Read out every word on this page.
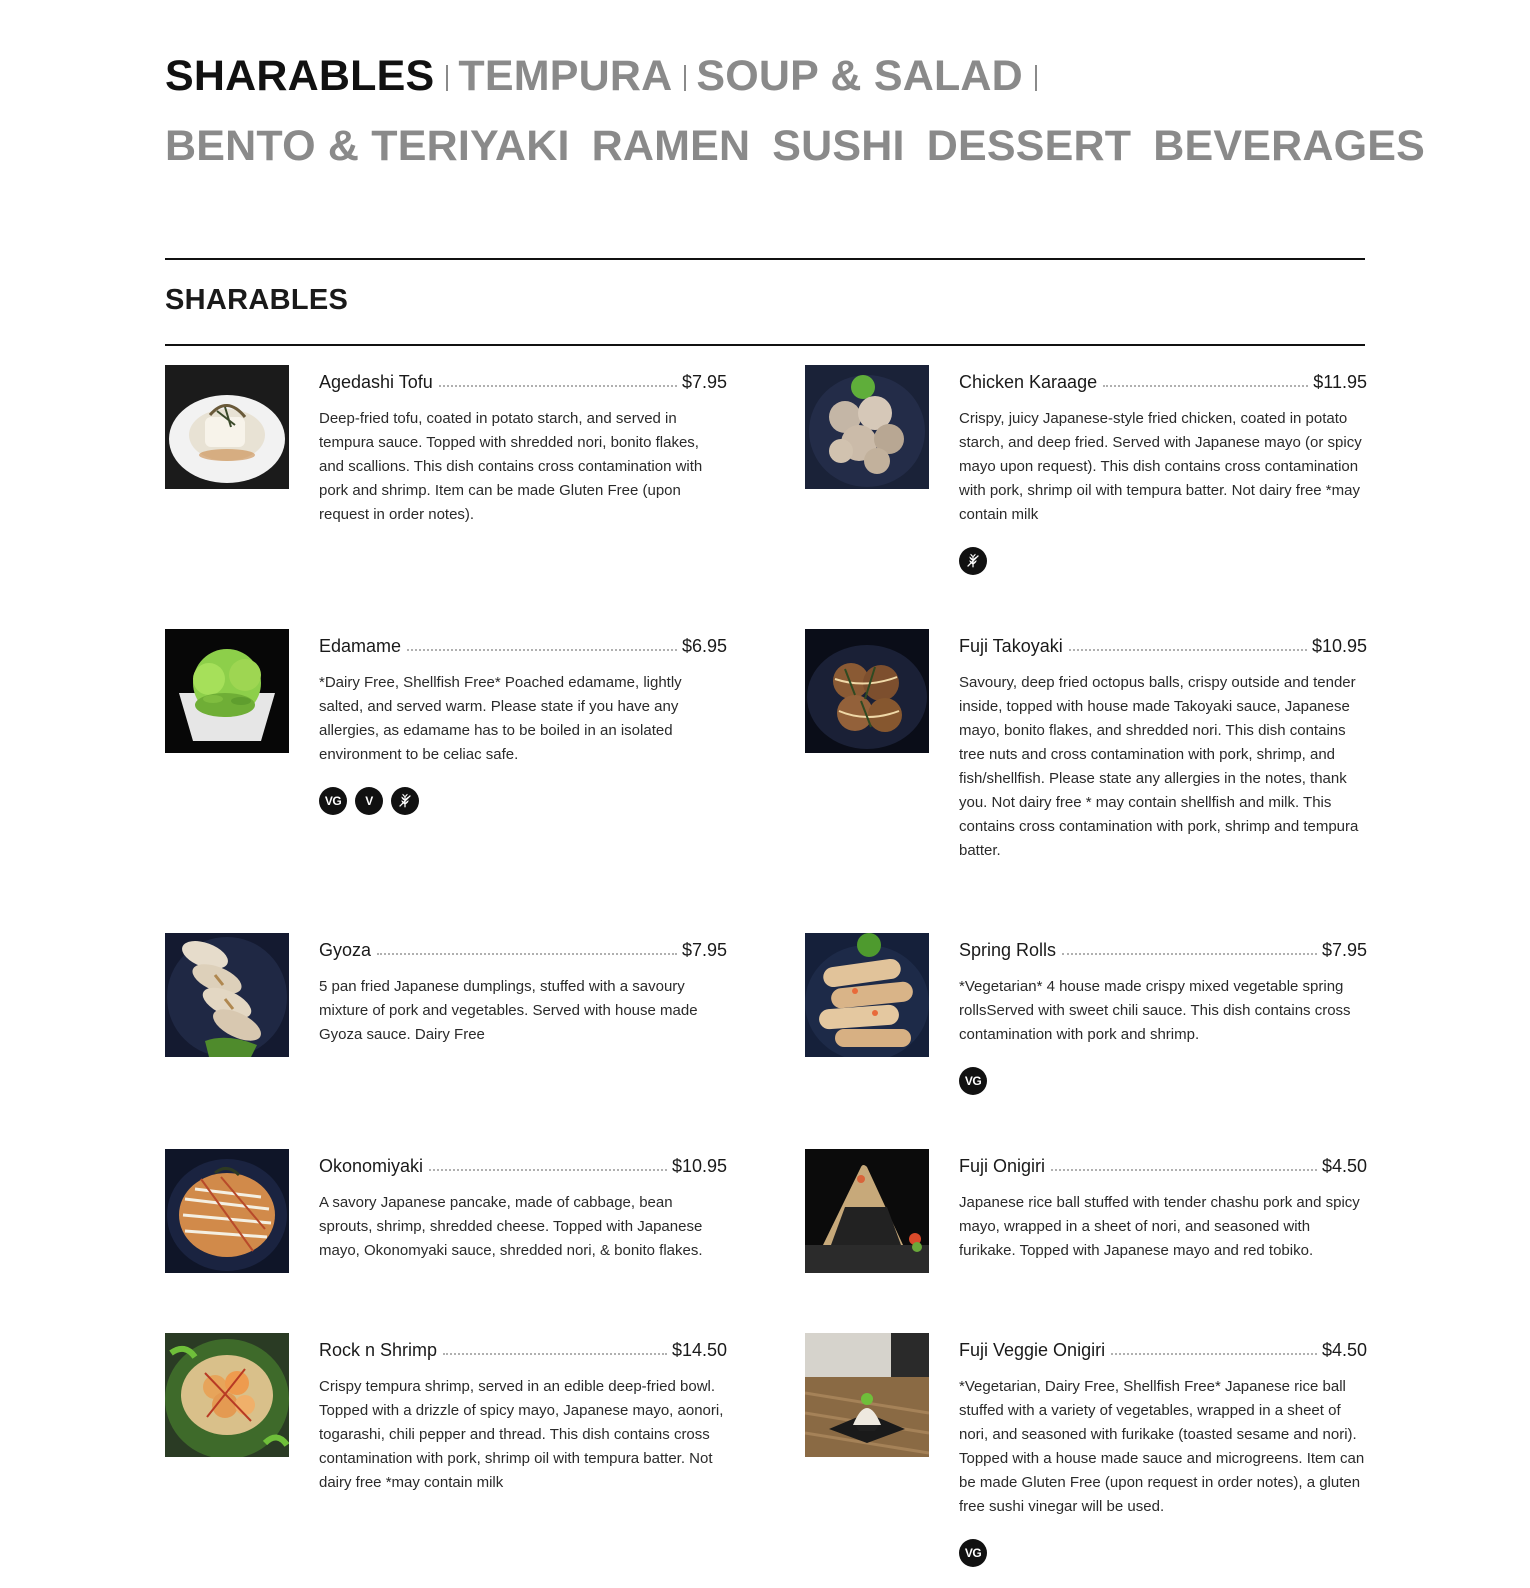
SHARABLES TEMPURA SOUP & SALAD
BENTO & TERIYAKI RAMEN SUSHI DESSERT BEVERAGES
SHARABLES
Agedashi Tofu	$7.95

Deep-fried tofu, coated in potato starch, and served in tempura sauce. Topped with shredded nori, bonito flakes, and scallions. This dish contains cross contamination with pork and shrimp. Item can be made Gluten Free (upon request in order notes).

Chicken Karaage	$11.95

Crispy, juicy Japanese-style fried chicken, coated in potato starch, and deep fried. Served with Japanese mayo (or spicy mayo upon request). This dish contains cross contamination with pork, shrimp oil with tempura batter. Not dairy free *may contain milk

Edamame	$6.95

*Dairy Free, Shellfish Free* Poached edamame, lightly salted, and served warm. Please state if you have any allergies, as edamame has to be boiled in an isolated environment to be celiac safe.

VG	V
Fuji Takoyaki	$10.95

Savoury, deep fried octopus balls, crispy outside and tender inside, topped with house made Takoyaki sauce, Japanese mayo, bonito flakes, and shredded nori. This dish contains tree nuts and cross contamination with pork, shrimp, and fish/shellfish. Please state any allergies in the notes, thank you. Not dairy free * may contain shellfish and milk. This contains cross contamination with pork, shrimp and tempura batter.

Gyoza	$7.95

5 pan fried Japanese dumplings, stuffed with a savoury mixture of pork and vegetables. Served with house made Gyoza sauce. Dairy Free

Spring Rolls	$7.95

*Vegetarian* 4 house made crispy mixed vegetable spring rollsServed with sweet chili sauce. This dish contains cross contamination with pork and shrimp.

VG
Okonomiyaki	$10.95

A savory Japanese pancake, made of cabbage, bean sprouts, shrimp, shredded cheese. Topped with Japanese mayo, Okonomyaki sauce, shredded nori, & bonito flakes.

Fuji Onigiri	$4.50

Japanese rice ball stuffed with tender chashu pork and spicy mayo, wrapped in a sheet of nori, and seasoned with furikake. Topped with Japanese mayo and red tobiko.

Rock n Shrimp	$14.50

Crispy tempura shrimp, served in an edible deep-fried bowl. Topped with a drizzle of spicy mayo, Japanese mayo, aonori, togarashi, chili pepper and thread. This dish contains cross contamination with pork, shrimp oil with tempura batter. Not dairy free *may contain milk

Fuji Veggie Onigiri	$4.50

*Vegetarian, Dairy Free, Shellfish Free* Japanese rice ball stuffed with a variety of vegetables, wrapped in a sheet of nori, and seasoned with furikake (toasted sesame and nori). Topped with a house made sauce and microgreens. Item can be made Gluten Free (upon request in order notes), a gluten free sushi vinegar will be used.

VG
